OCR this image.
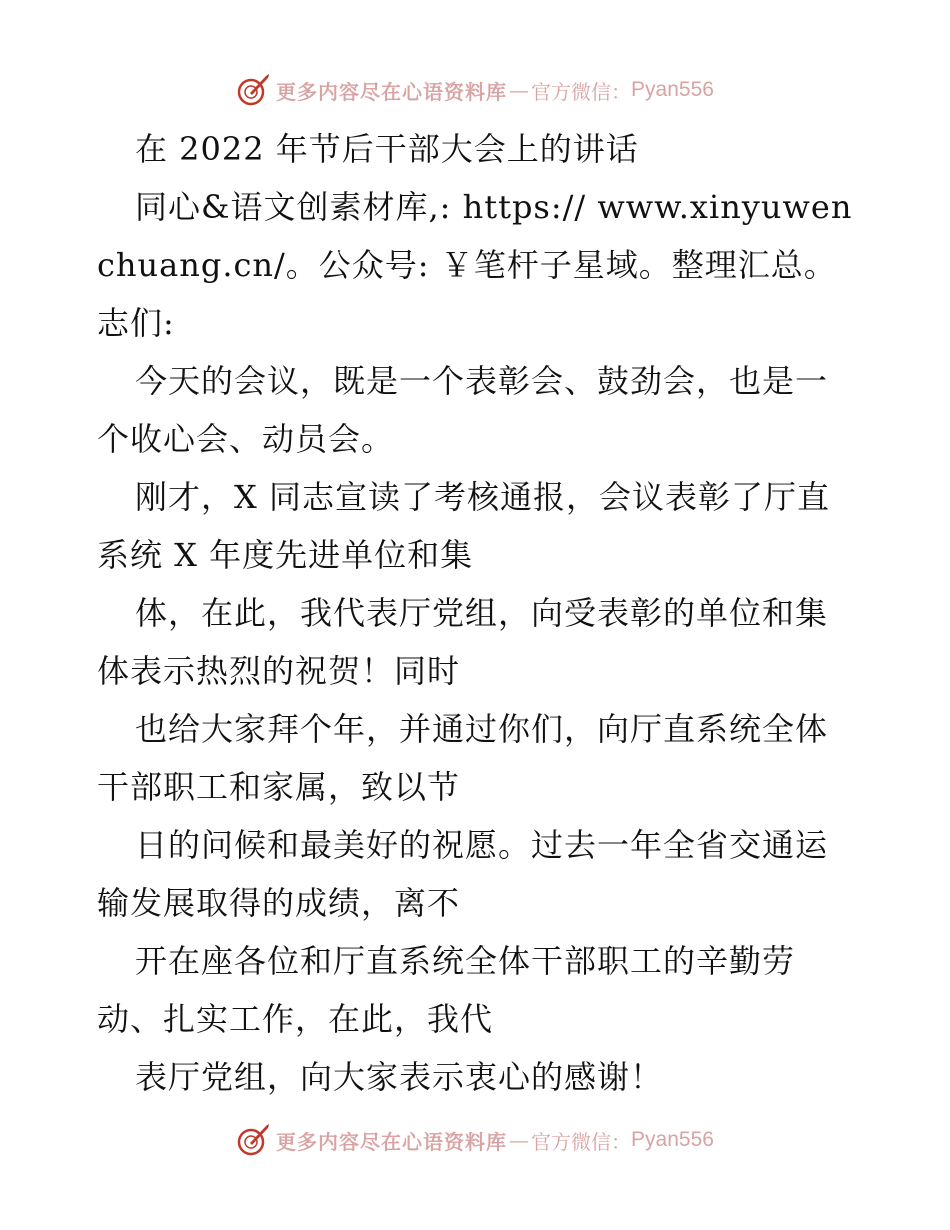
更多内容尽在心语资料库 — 官方微信： Pyan556

在 2022 年节后干部大会上的讲话

同心&语文创素材库,: https:// www.xinyuwenchuang.cn/。公众号: ￥笔杆子星域。整理汇总。志们:

今天的会议，既是一个表彰会、鼓劲会，也是一个收心会、动员会。

刚才，X 同志宣读了考核通报，会议表彰了厅直系统 X 年度先进单位和集

体，在此，我代表厅党组，向受表彰的单位和集体表示热烈的祝贺！同时

也给大家拜个年，并通过你们，向厅直系统全体干部职工和家属，致以节

日的问候和最美好的祝愿。过去一年全省交通运输发展取得的成绩，离不

开在座各位和厅直系统全体干部职工的辛勤劳动、扎实工作，在此，我代

表厅党组，向大家表示衷心的感谢！

更多内容尽在心语资料库 — 官方微信： Pyan556
